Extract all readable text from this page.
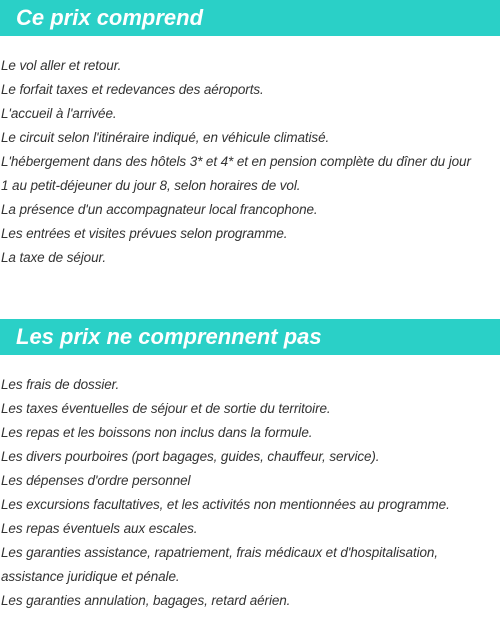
Ce prix comprend
Le vol aller et retour.
Le forfait taxes et redevances des aéroports.
L'accueil à l'arrivée.
Le circuit selon l'itinéraire indiqué, en véhicule climatisé.
L'hébergement dans des hôtels 3* et 4* et en pension complète du dîner du jour
1 au petit-déjeuner du jour 8, selon horaires de vol.
La présence d'un accompagnateur local francophone.
Les entrées et visites prévues selon programme.
La taxe de séjour.
Les prix ne comprennent pas
Les frais de dossier.
Les taxes éventuelles de séjour et de sortie du territoire.
Les repas et les boissons non inclus dans la formule.
Les divers pourboires (port bagages, guides, chauffeur, service).
Les dépenses d'ordre personnel
Les excursions facultatives, et les activités non mentionnées au programme.
Les repas éventuels aux escales.
Les garanties assistance, rapatriement, frais médicaux et d'hospitalisation,
assistance juridique et pénale.
Les garanties annulation, bagages, retard aérien.
